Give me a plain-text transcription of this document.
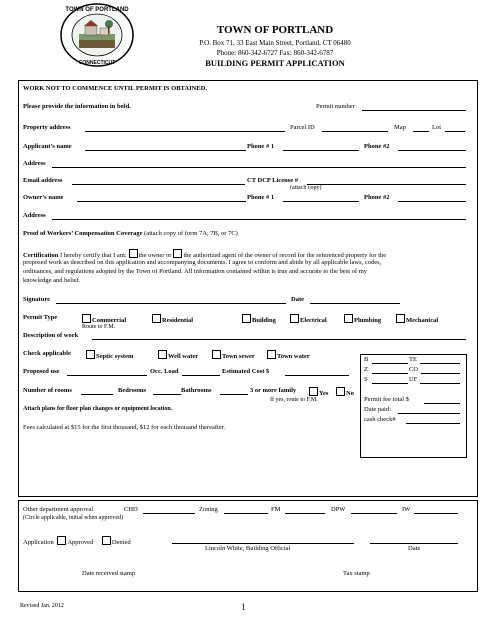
TOWN OF PORTLAND
CONNECTICUT
TOWN OF PORTLAND
P.O. Box 71, 33 East Main Street, Portland, CT 06480
Phone: 860-342-6727 Fax: 860-342-6787
BUILDING PERMIT APPLICATION
WORK NOT TO COMMENCE UNTIL PERMIT IS OBTAINED.
Please provide the information in bold.	Permit number
Property address	Parcel ID	Map	Lot
Applicant’s name	Phone # 1	Phone #2
Address
Email address	CT DCP License #
(attach copy)
Owner’s name	Phone # 1	Phone #2
Address
Proof of Workers’ Compensation Coverage (attach copy of form 7A, 7B, or 7C)
Certification I hereby certify that I am: the owner or the authorized agent of the owner of record for the referenced property for the
proposed work as described on this application and accompanying documents. I agree to conform and abide by all applicable laws, codes,
ordinances, and regulations adopted by the Town of Portland. All information contained within is true and accurate to the best of my
knowledge and belief.
Signature	Date
Permit Type	Commercial	Residential	Building	Electrical	Plumbing	Mechanical
Route to F.M.
Description of work
Check applicable	Septic system	Well water	Town sewer	Town water
Proposed use	Occ. Load	Estimated Cost $
Number of rooms	Bedrooms	Bathrooms	3 or more family	Yes	No
If yes, route to F.M.
Attach plans for floor plan changes or equipment location.
Fees calculated at $15 for the first thousand, $12 for each thousand thereafter.
B	TE
Z	CO
S	UF
Permit fee total $
Date paid:
cash check#
Other department approval	CHD	Zoning	FM	DPW	IW
(Circle applicable, initial when approved)
Application Approved	Denied
Lincoln White, Building Official	Date
Date received stamp	Tax stamp
Revised Jan. 2012	1
